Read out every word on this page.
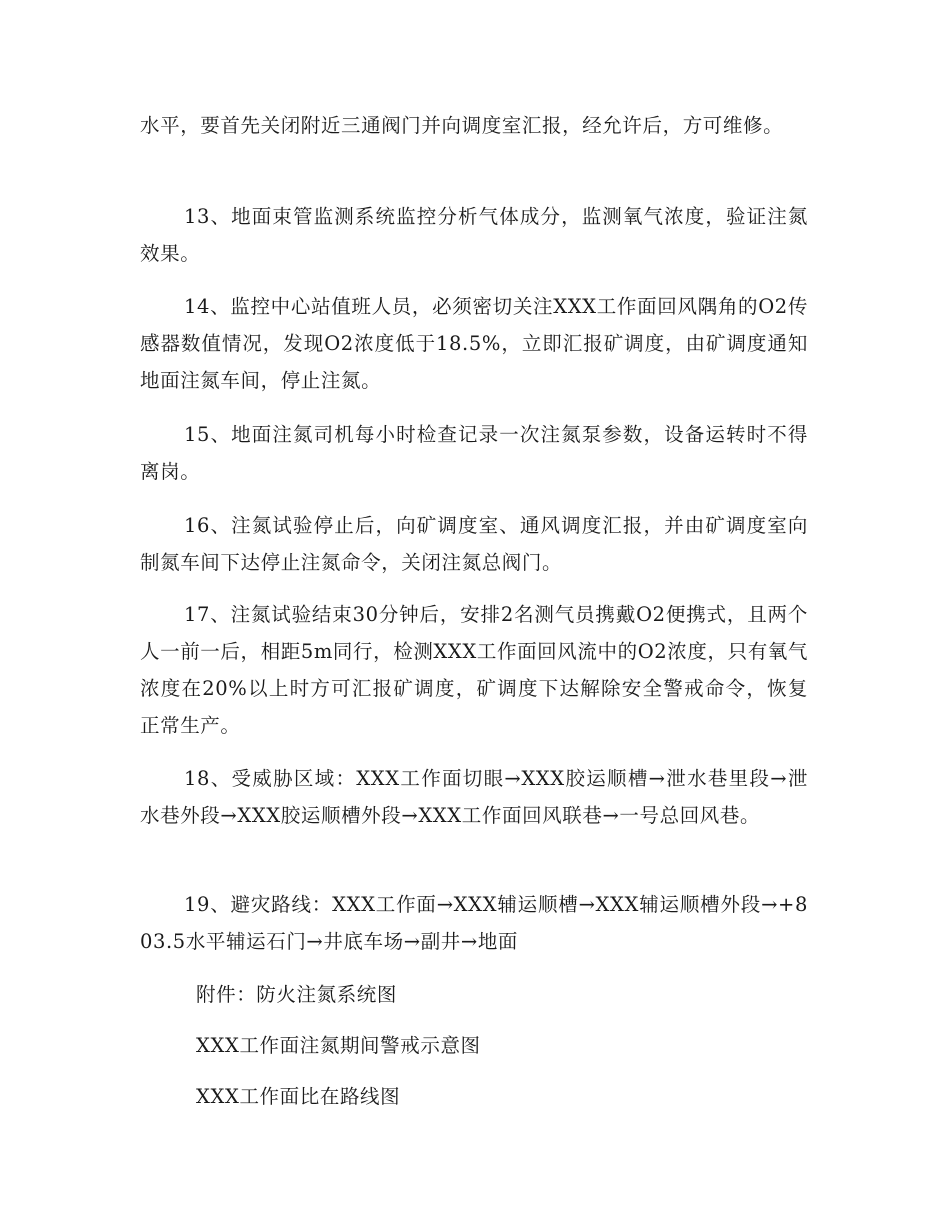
水平，要首先关闭附近三通阀门并向调度室汇报，经允许后，方可维修。

13、地面束管监测系统监控分析气体成分，监测氧气浓度，验证注氮效果。

14、监控中心站值班人员，必须密切关注XXX工作面回风隅角的O2传感器数值情况，发现O2浓度低于18.5%，立即汇报矿调度，由矿调度通知地面注氮车间，停止注氮。

15、地面注氮司机每小时检查记录一次注氮泵参数，设备运转时不得离岗。

16、注氮试验停止后，向矿调度室、通风调度汇报，并由矿调度室向制氮车间下达停止注氮命令，关闭注氮总阀门。

17、注氮试验结束30分钟后，安排2名测气员携戴O2便携式，且两个人一前一后，相距5m同行，检测XXX工作面回风流中的O2浓度，只有氧气浓度在20%以上时方可汇报矿调度，矿调度下达解除安全警戒命令，恢复正常生产。

18、受威胁区域：XXX工作面切眼→XXX胶运顺槽→泄水巷里段→泄水巷外段→XXX胶运顺槽外段→XXX工作面回风联巷→一号总回风巷。

19、避灾路线：XXX工作面→XXX辅运顺槽→XXX辅运顺槽外段→+803.5水平辅运石门→井底车场→副井→地面

附件：防火注氮系统图

XXX工作面注氮期间警戒示意图

XXX工作面比在路线图
